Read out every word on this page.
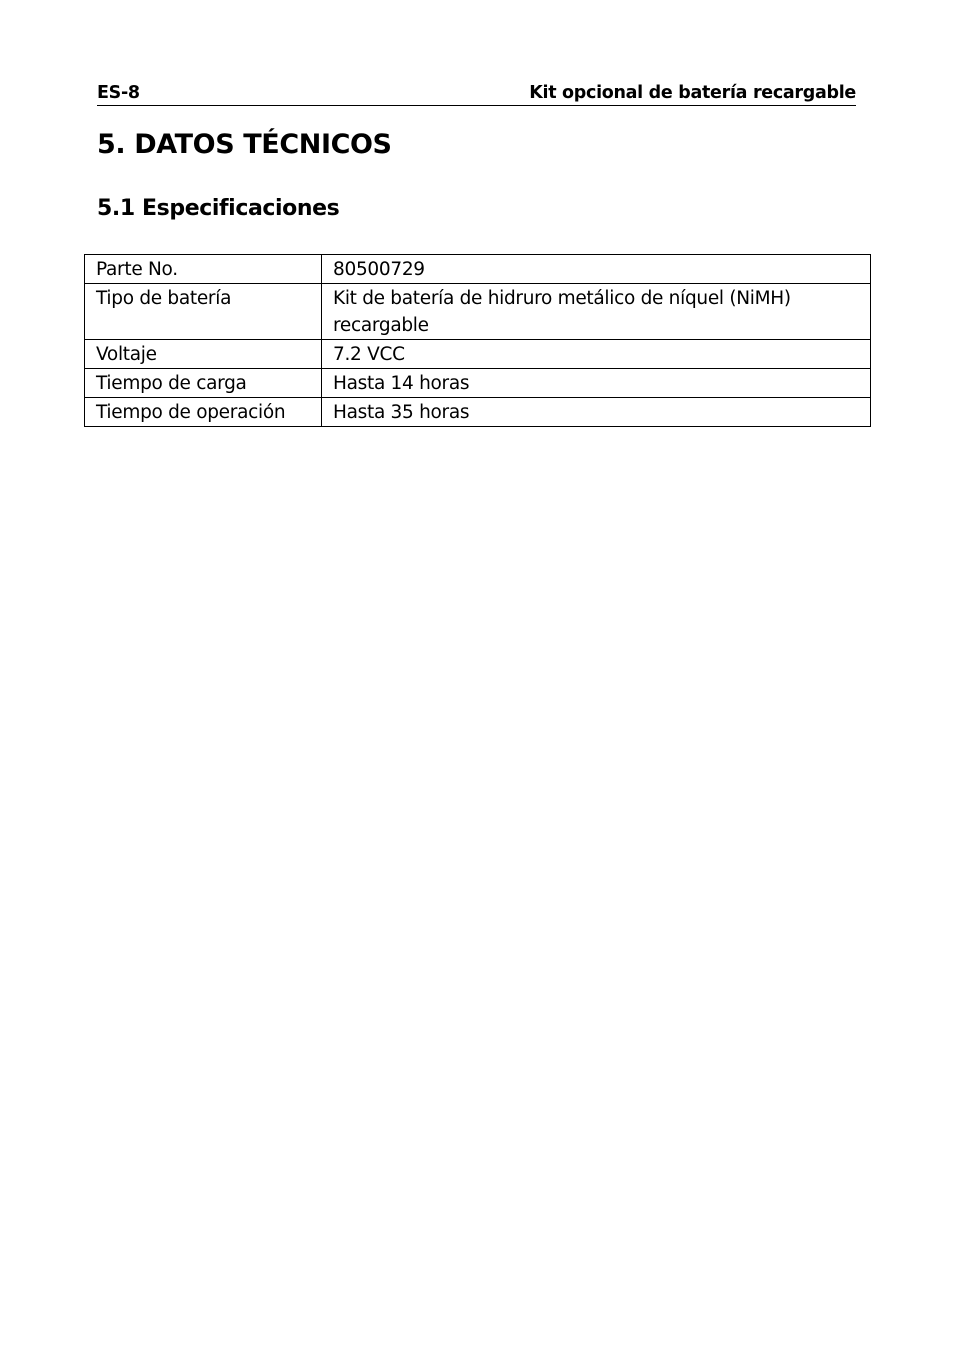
ES-8	Kit opcional de batería recargable
5. DATOS TÉCNICOS
5.1 Especificaciones
Parte No.	80500729
Tipo de batería	Kit de batería de hidruro metálico de níquel (NiMH) recargable
Voltaje	7.2 VCC
Tiempo de carga	Hasta 14 horas
Tiempo de operación	Hasta 35 horas
